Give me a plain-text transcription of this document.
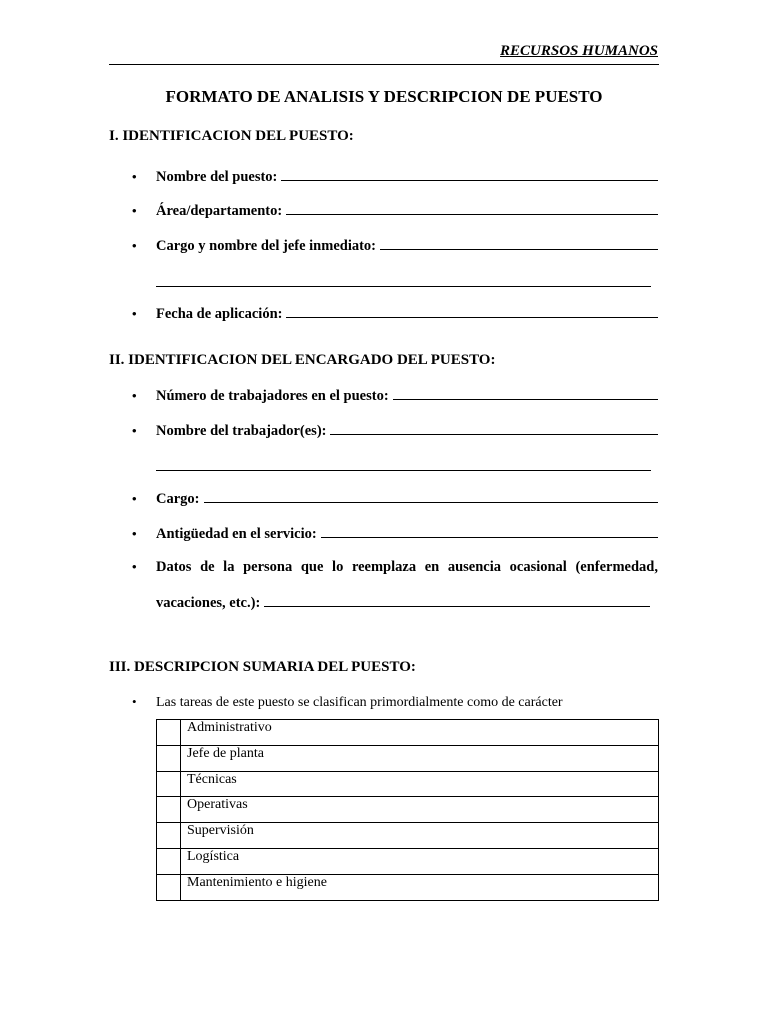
RECURSOS HUMANOS
FORMATO DE ANALISIS Y DESCRIPCION DE PUESTO
I. IDENTIFICACION DEL PUESTO:
•	Nombre del puesto:
•	Área/departamento:
•	Cargo y nombre del jefe inmediato:
•	Fecha de aplicación:
II. IDENTIFICACION DEL ENCARGADO DEL PUESTO:
•	Número de trabajadores en el puesto:
•	Nombre del trabajador(es):
•	Cargo:
•	Antigüedad en el servicio:
•	Datos de la persona que lo reemplaza en ausencia ocasional (enfermedad,
vacaciones, etc.):
III. DESCRIPCION SUMARIA DEL PUESTO:
•	Las tareas de este puesto se clasifican primordialmente como de carácter
	Administrativo
	Jefe de planta
	Técnicas
	Operativas
	Supervisión
	Logística
	Mantenimiento e higiene
